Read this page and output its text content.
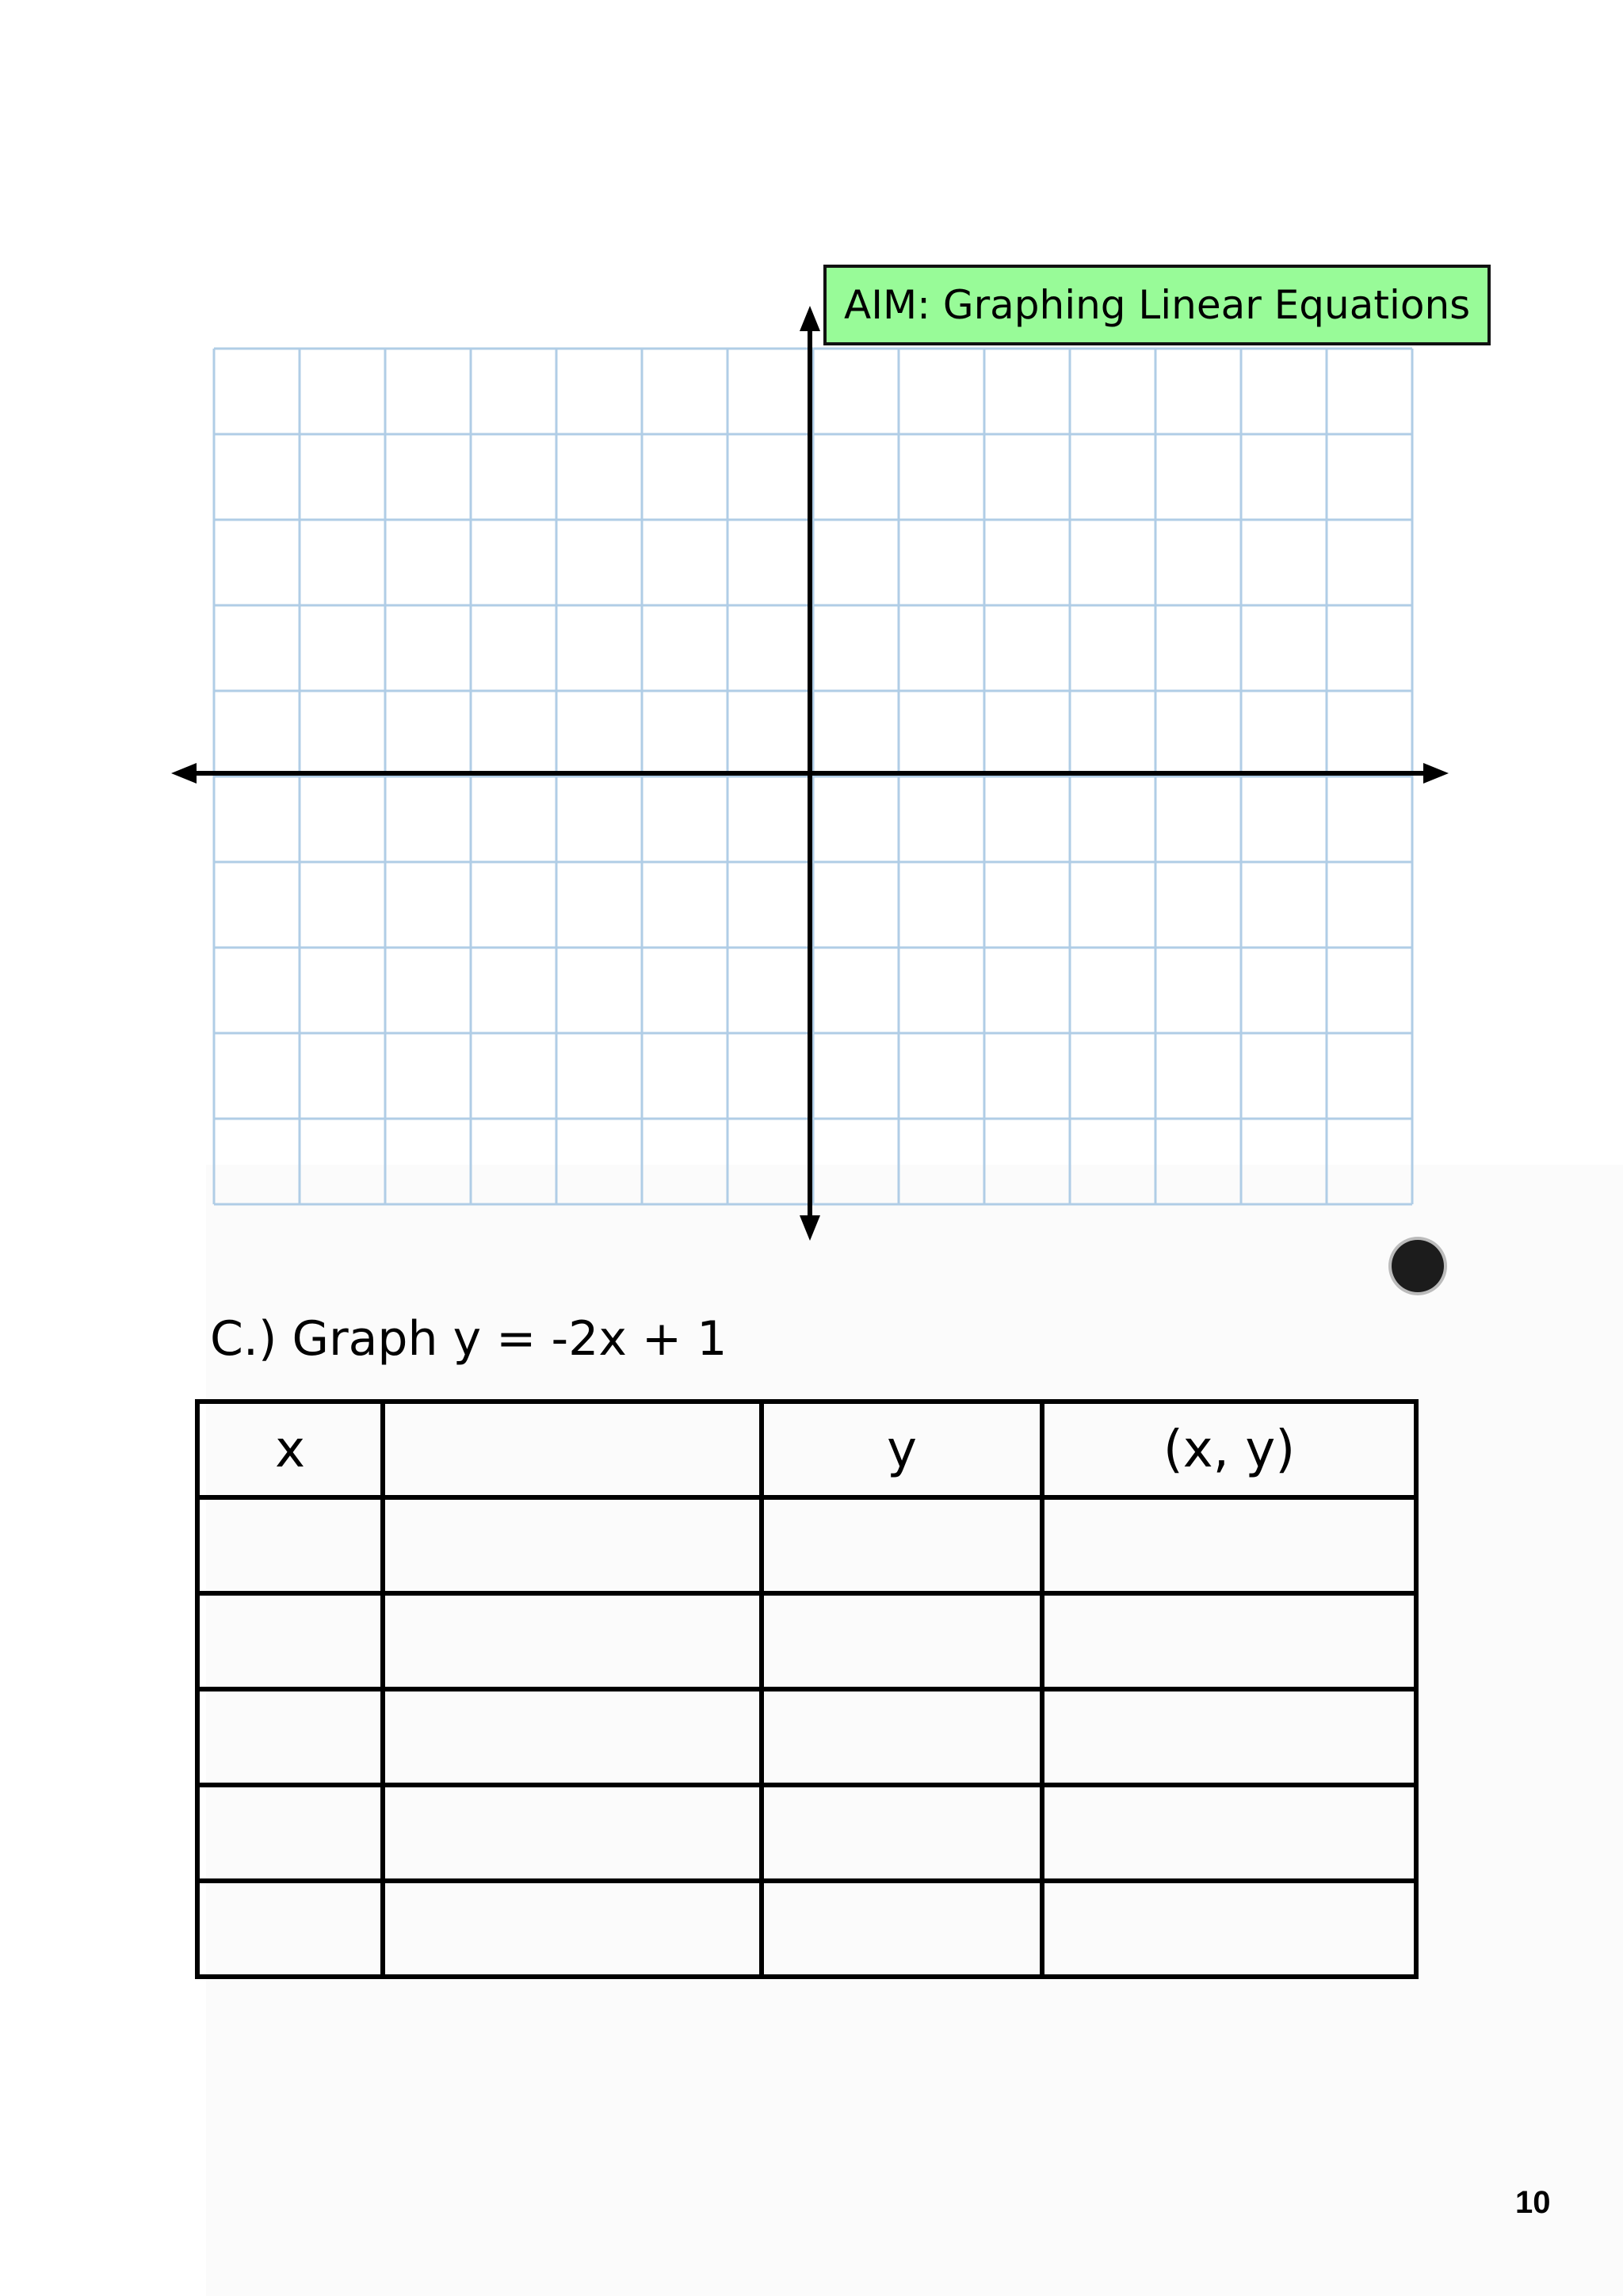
AIM: Graphing Linear Equations
C.) Graph y = -2x + 1
x		y	(x, y)

10
